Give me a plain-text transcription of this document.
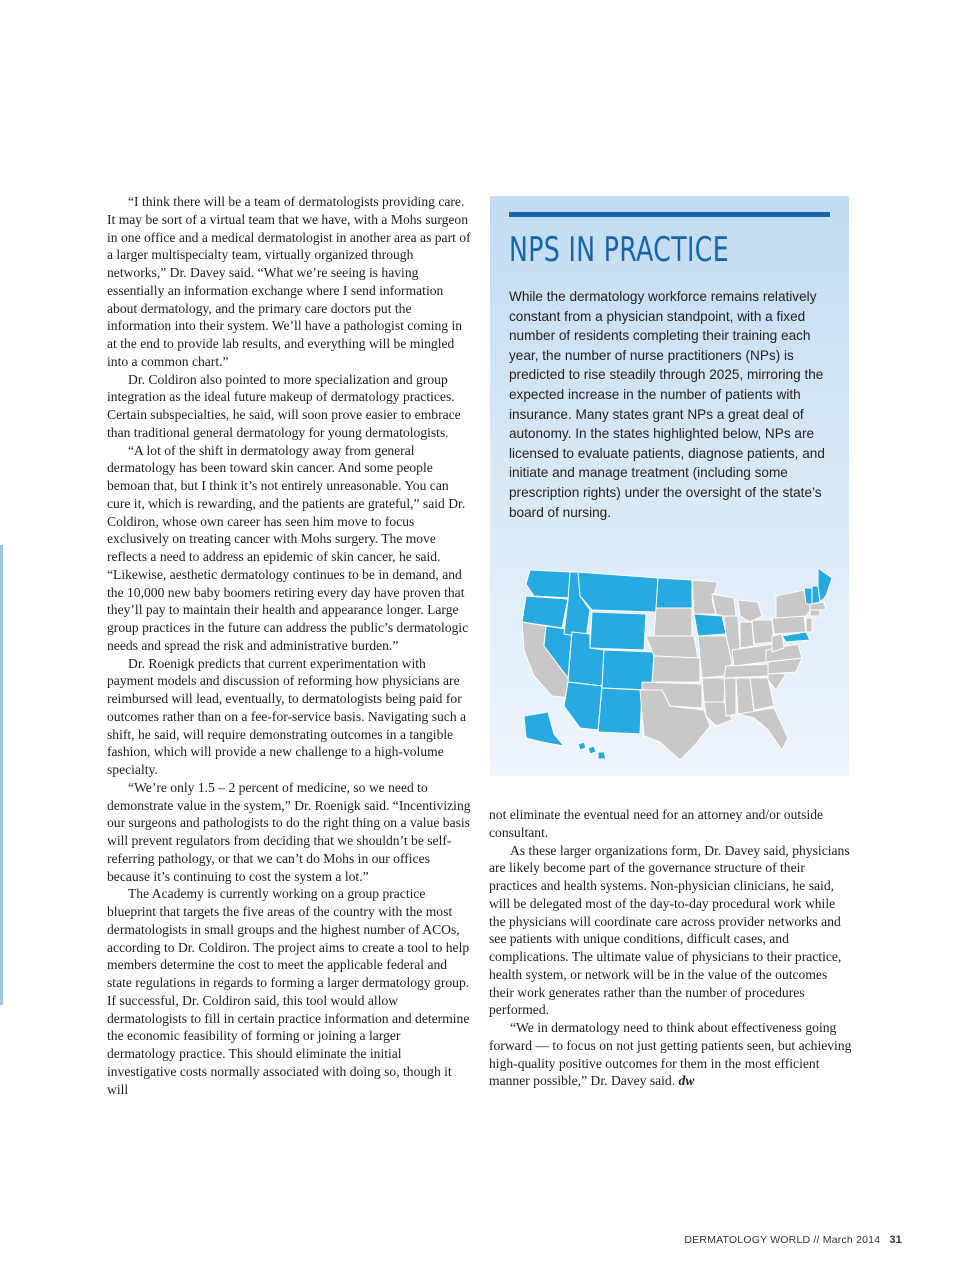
“I think there will be a team of dermatologists providing care. It may be sort of a virtual team that we have, with a Mohs surgeon in one office and a medical dermatologist in another area as part of a larger multispecialty team, virtually organized through networks,” Dr. Davey said. “What we’re seeing is having essentially an information exchange where I send information about dermatology, and the primary care doctors put the information into their system. We’ll have a pathologist coming in at the end to provide lab results, and everything will be mingled into a common chart.”

Dr. Coldiron also pointed to more specialization and group integration as the ideal future makeup of dermatology practices. Certain subspecialties, he said, will soon prove easier to embrace than traditional general dermatology for young dermatologists.

“A lot of the shift in dermatology away from general dermatology has been toward skin cancer. And some people bemoan that, but I think it’s not entirely unreasonable. You can cure it, which is rewarding, and the patients are grateful,” said Dr. Coldiron, whose own career has seen him move to focus exclusively on treating cancer with Mohs surgery. The move reflects a need to address an epidemic of skin cancer, he said. “Likewise, aesthetic dermatology continues to be in demand, and the 10,000 new baby boomers retiring every day have proven that they’ll pay to maintain their health and appearance longer. Large group practices in the future can address the public’s dermatologic needs and spread the risk and administrative burden.”

Dr. Roenigk predicts that current experimentation with payment models and discussion of reforming how physicians are reimbursed will lead, eventually, to dermatologists being paid for outcomes rather than on a fee-for-service basis. Navigating such a shift, he said, will require demonstrating outcomes in a tangible fashion, which will provide a new challenge to a high-volume specialty.

“We’re only 1.5 – 2 percent of medicine, so we need to demonstrate value in the system,” Dr. Roenigk said. “Incentivizing our surgeons and pathologists to do the right thing on a value basis will prevent regulators from deciding that we shouldn’t be self-referring pathology, or that we can’t do Mohs in our offices because it’s continuing to cost the system a lot.”

The Academy is currently working on a group practice blueprint that targets the five areas of the country with the most dermatologists in small groups and the highest number of ACOs, according to Dr. Coldiron. The project aims to create a tool to help members determine the cost to meet the applicable federal and state regulations in regards to forming a larger dermatology group. If successful, Dr. Coldiron said, this tool would allow dermatologists to fill in certain practice information and determine the economic feasibility of forming or joining a larger dermatology practice. This should eliminate the initial investigative costs normally associated with doing so, though it will

NPS IN PRACTICE

While the dermatology workforce remains relatively constant from a physician standpoint, with a fixed number of residents completing their training each year, the number of nurse practitioners (NPs) is predicted to rise steadily through 2025, mirroring the expected increase in the number of patients with insurance. Many states grant NPs a great deal of autonomy. In the states highlighted below, NPs are licensed to evaluate patients, diagnose patients, and initiate and manage treatment (including some prescription rights) under the oversight of the state’s board of nursing.

not eliminate the eventual need for an attorney and/or outside consultant.

As these larger organizations form, Dr. Davey said, physicians are likely become part of the governance structure of their practices and health systems. Non-physician clinicians, he said, will be delegated most of the day-to-day procedural work while the physicians will coordinate care across provider networks and see patients with unique conditions, difficult cases, and complications. The ultimate value of physicians to their practice, health system, or network will be in the value of the outcomes their work generates rather than the number of procedures performed.

“We in dermatology need to think about effectiveness going forward — to focus on not just getting patients seen, but achieving high-quality positive outcomes for them in the most efficient manner possible,” Dr. Davey said. dw

DERMATOLOGY WORLD // March 2014 31
